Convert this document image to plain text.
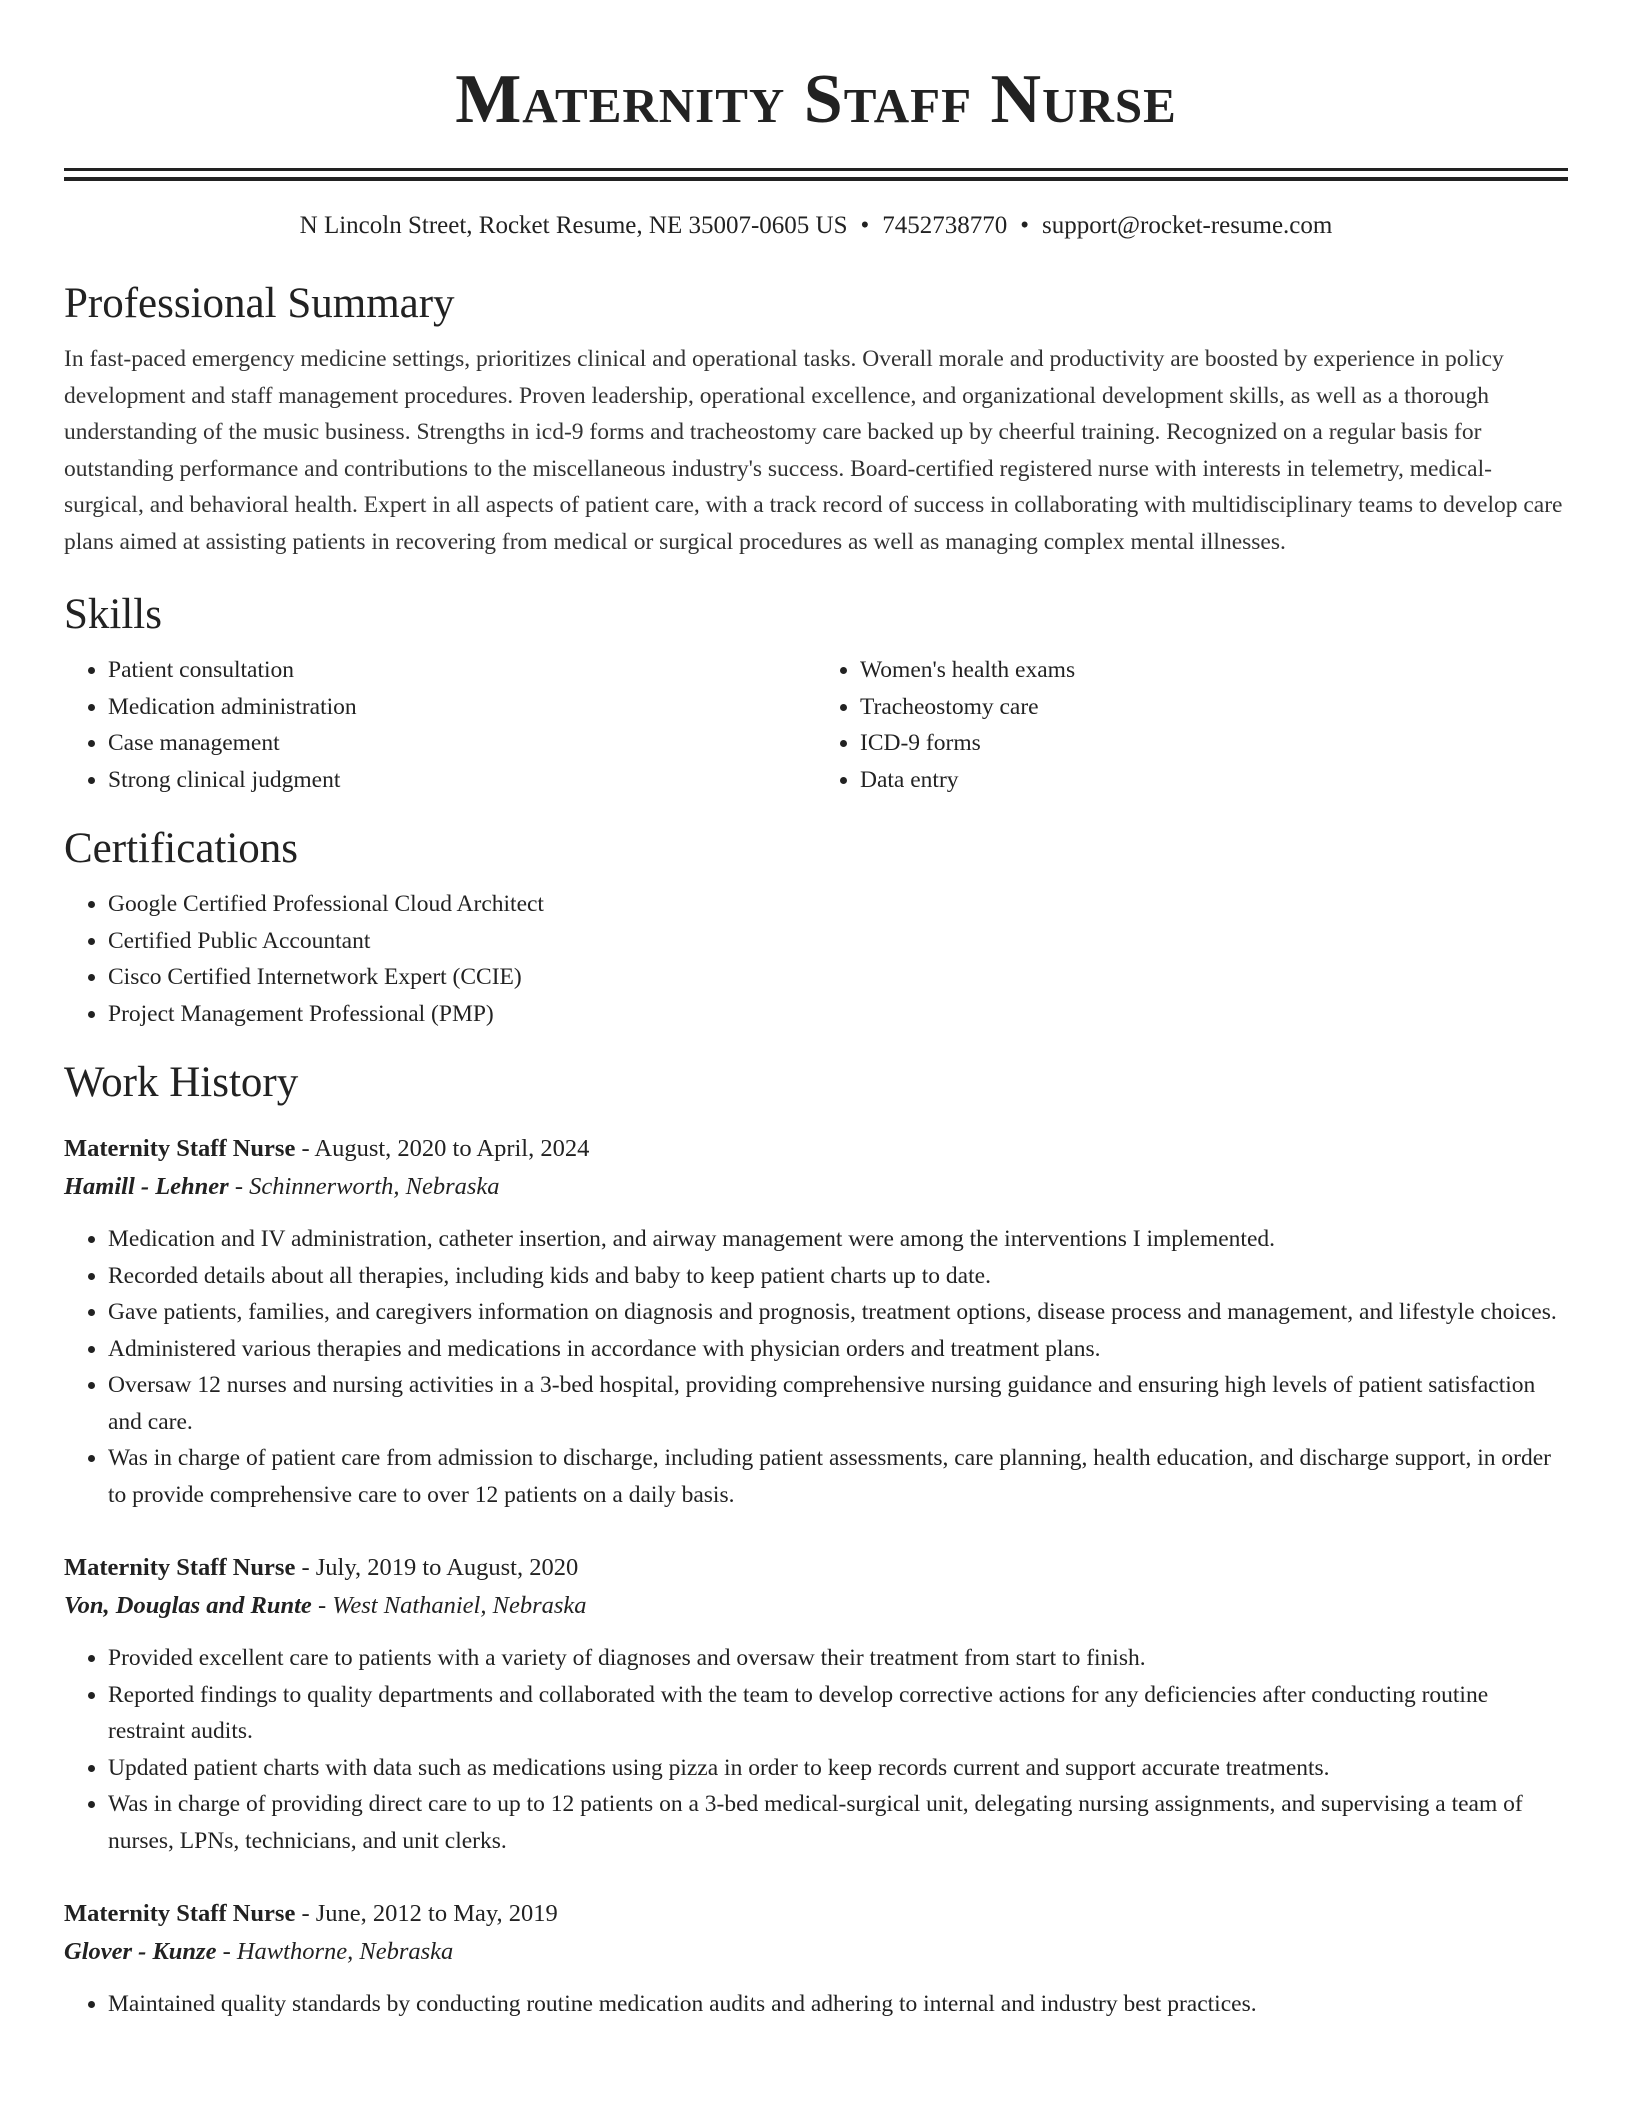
Maternity Staff Nurse
N Lincoln Street, Rocket Resume, NE 35007-0605 US • 7452738770 • support@rocket-resume.com
Professional Summary

In fast-paced emergency medicine settings, prioritizes clinical and operational tasks. Overall morale and productivity are boosted by experience in policy development and staff management procedures. Proven leadership, operational excellence, and organizational development skills, as well as a thorough understanding of the music business. Strengths in icd-9 forms and tracheostomy care backed up by cheerful training. Recognized on a regular basis for outstanding performance and contributions to the miscellaneous industry's success. Board-certified registered nurse with interests in telemetry, medical-surgical, and behavioral health. Expert in all aspects of patient care, with a track record of success in collaborating with multidisciplinary teams to develop care plans aimed at assisting patients in recovering from medical or surgical procedures as well as managing complex mental illnesses.

Skills
• Patient consultation
• Medication administration
• Case management
• Strong clinical judgment
• Women's health exams
• Tracheostomy care
• ICD-9 forms
• Data entry
Certifications
• Google Certified Professional Cloud Architect
• Certified Public Accountant
• Cisco Certified Internetwork Expert (CCIE)
• Project Management Professional (PMP)
Work History
Maternity Staff Nurse - August, 2020 to April, 2024
Hamill - Lehner - Schinnerworth, Nebraska
• Medication and IV administration, catheter insertion, and airway management were among the interventions I implemented.
• Recorded details about all therapies, including kids and baby to keep patient charts up to date.
• Gave patients, families, and caregivers information on diagnosis and prognosis, treatment options, disease process and management, and lifestyle choices.
• Administered various therapies and medications in accordance with physician orders and treatment plans.
• Oversaw 12 nurses and nursing activities in a 3-bed hospital, providing comprehensive nursing guidance and ensuring high levels of patient satisfaction and care.
• Was in charge of patient care from admission to discharge, including patient assessments, care planning, health education, and discharge support, in order to provide comprehensive care to over 12 patients on a daily basis.
Maternity Staff Nurse - July, 2019 to August, 2020
Von, Douglas and Runte - West Nathaniel, Nebraska
• Provided excellent care to patients with a variety of diagnoses and oversaw their treatment from start to finish.
• Reported findings to quality departments and collaborated with the team to develop corrective actions for any deficiencies after conducting routine restraint audits.
• Updated patient charts with data such as medications using pizza in order to keep records current and support accurate treatments.
• Was in charge of providing direct care to up to 12 patients on a 3-bed medical-surgical unit, delegating nursing assignments, and supervising a team of nurses, LPNs, technicians, and unit clerks.
Maternity Staff Nurse - June, 2012 to May, 2019
Glover - Kunze - Hawthorne, Nebraska
• Maintained quality standards by conducting routine medication audits and adhering to internal and industry best practices.
